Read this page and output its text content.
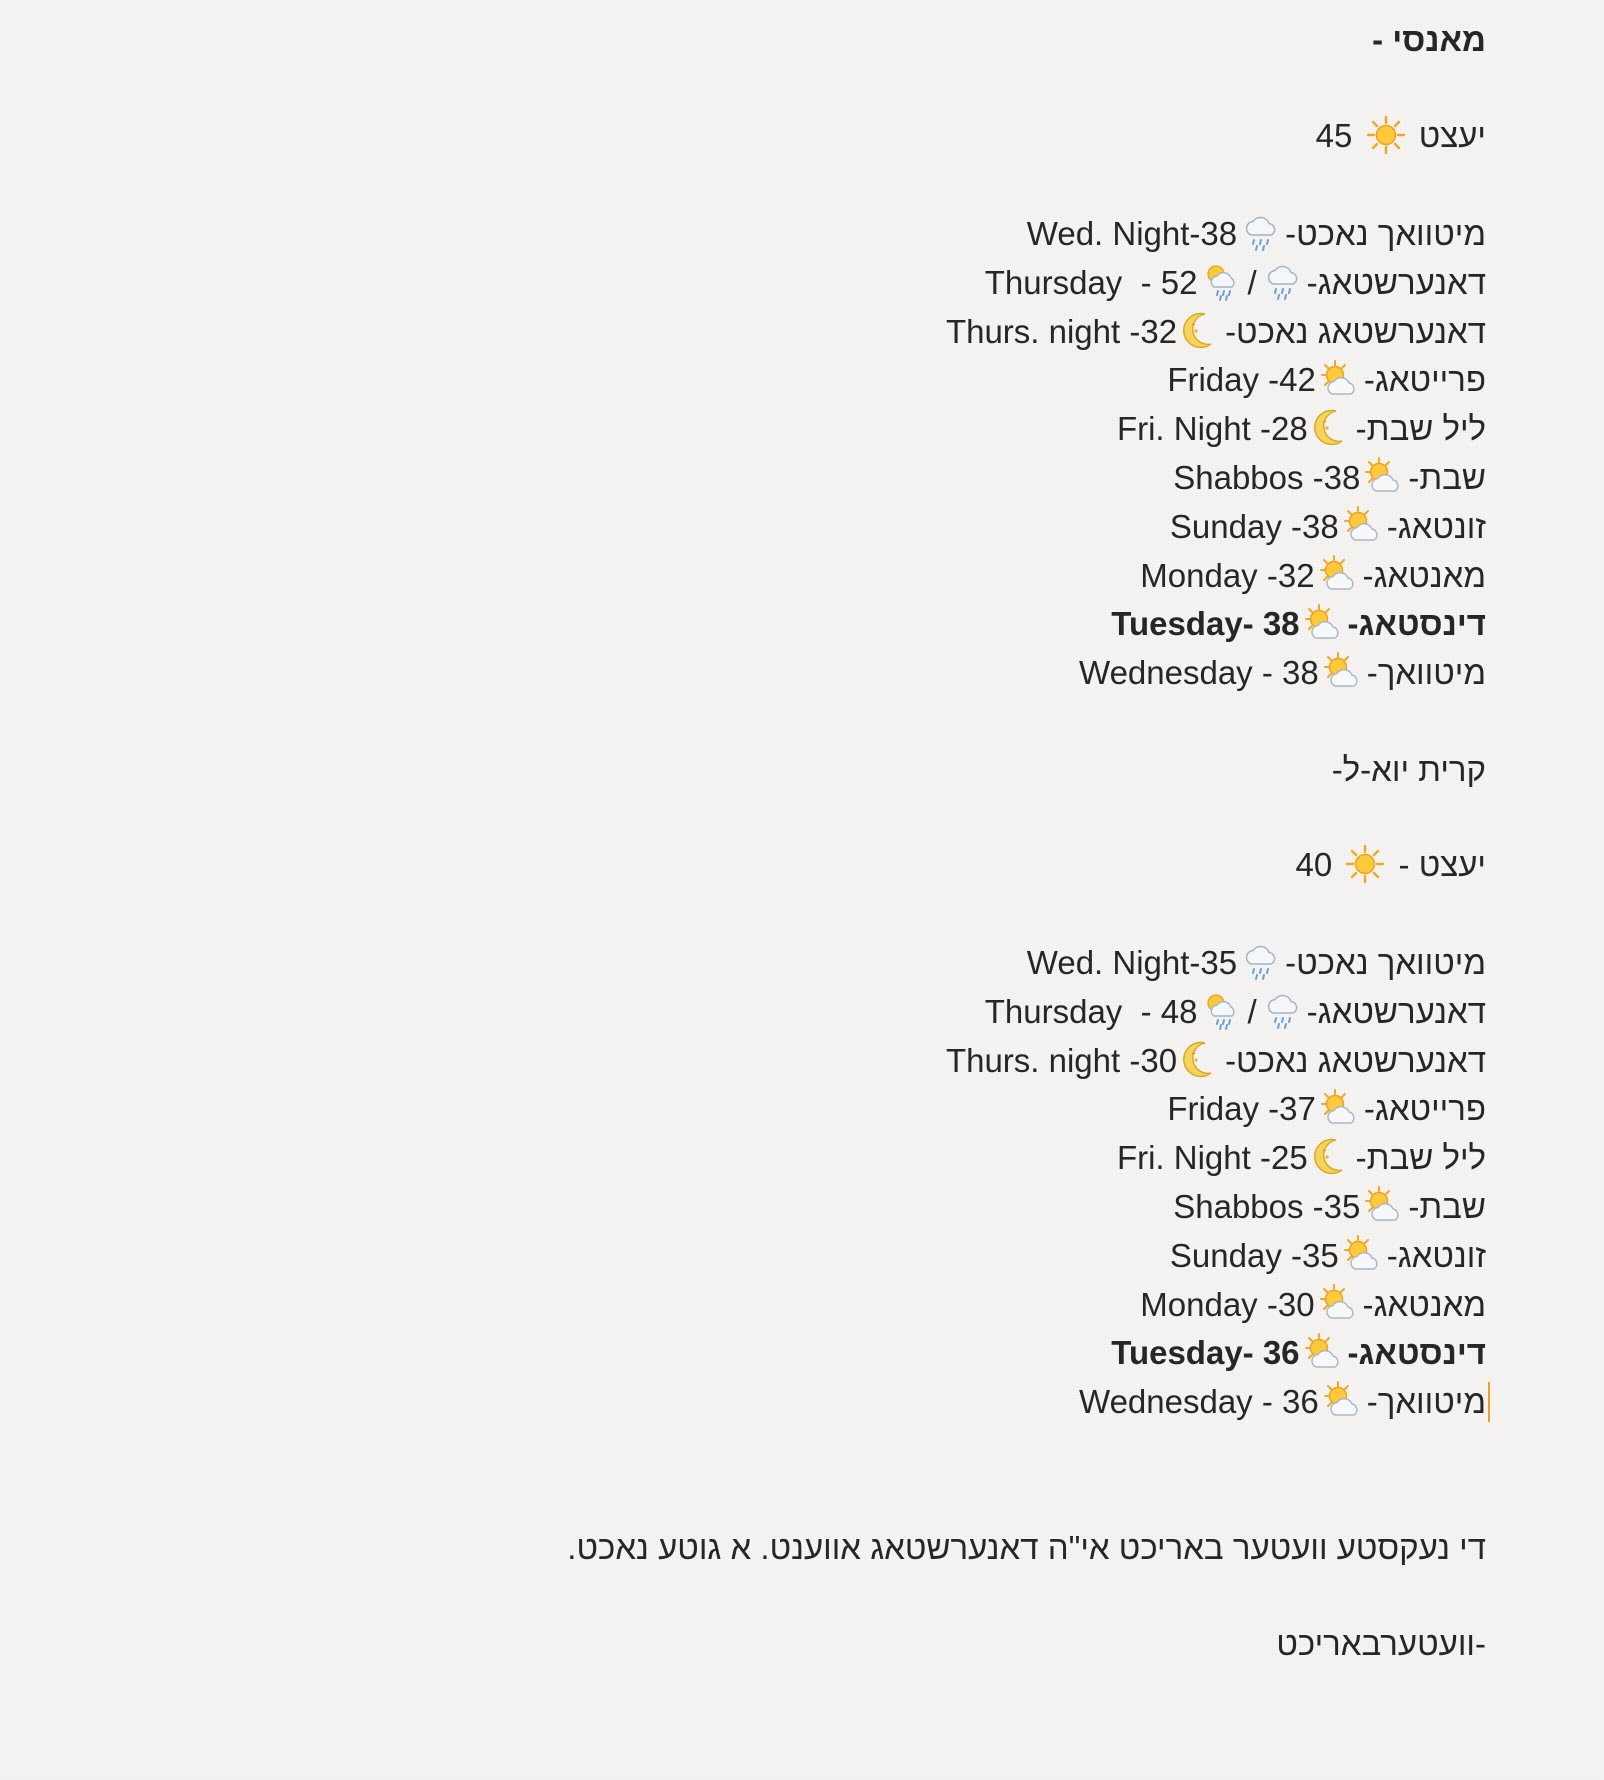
מאנסי -
יעצט
45
מיטוואך נאכט-
Wed. Night-38
דאנערשטאג-
/
Thursday  - 52
דאנערשטאג נאכט-
Thurs. night -32
פרייטאג-
Friday -42
ליל שבת-
Fri. Night -28
שבת-
Shabbos -38
זונטאג-
Sunday -38
מאנטאג-
Monday -32
דינסטאג-
Tuesday- 38
מיטוואך-
Wednesday - 38
קרית יוא-ל-
יעצט -
40
מיטוואך נאכט-
Wed. Night-35
דאנערשטאג-
/
Thursday  - 48
דאנערשטאג נאכט-
Thurs. night -30
פרייטאג-
Friday -37
ליל שבת-
Fri. Night -25
שבת-
Shabbos -35
זונטאג-
Sunday -35
מאנטאג-
Monday -30
דינסטאג-
Tuesday- 36
מיטוואך-
Wednesday - 36
די נעקסטע וועטער באריכט אי"ה דאנערשטאג אווענט. א גוטע נאכט.
-וועטערבאריכט
